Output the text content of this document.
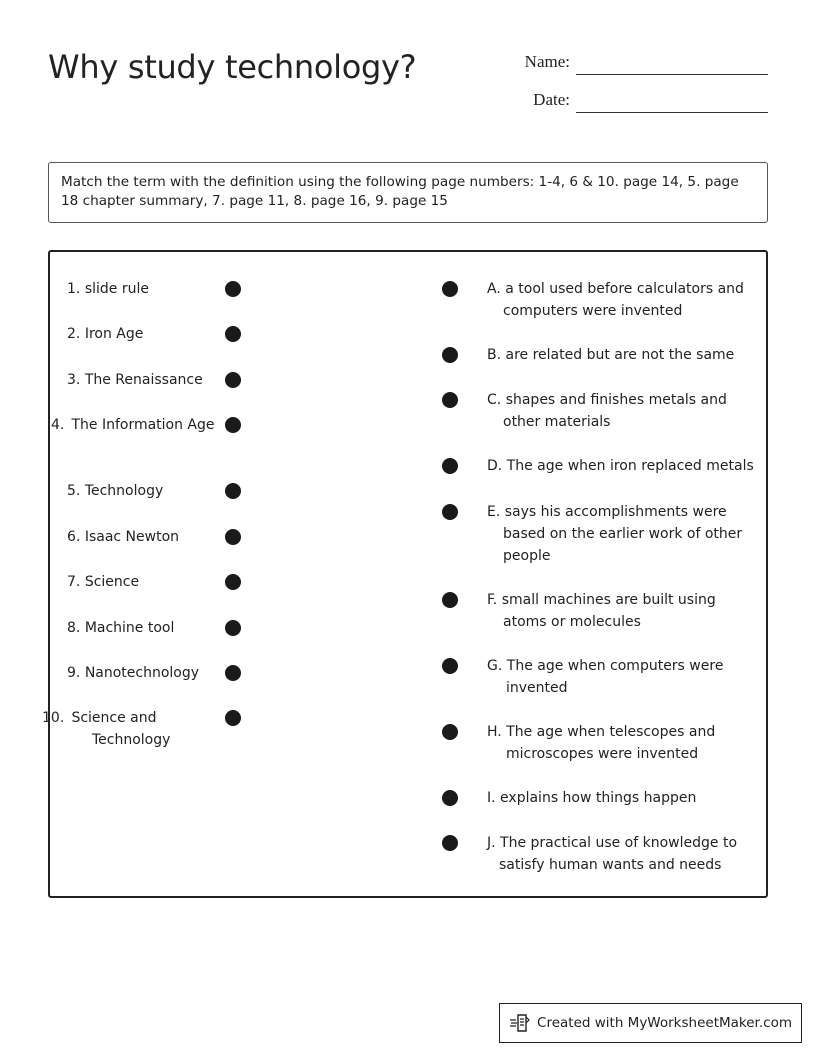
Why study technology?	Name:
Date:
Match the term with the definition using the following page numbers: 1-4, 6 & 10. page 14, 5. page 18 chapter summary, 7. page 11, 8. page 16, 9. page 15
1. slide rule
2. Iron Age
3. The Renaissance
4. The Information Age
5. Technology
6. Isaac Newton
7. Science
8. Machine tool
9. Nanotechnology
10. Science and Technology
A. a tool used before calculators and computers were invented
B. are related but are not the same
C. shapes and finishes metals and other materials
D. The age when iron replaced metals
E. says his accomplishments were based on the earlier work of other people
F. small machines are built using atoms or molecules
G. The age when computers were invented
H. The age when telescopes and microscopes were invented
I. explains how things happen
J. The practical use of knowledge to satisfy human wants and needs
Created with MyWorksheetMaker.com
